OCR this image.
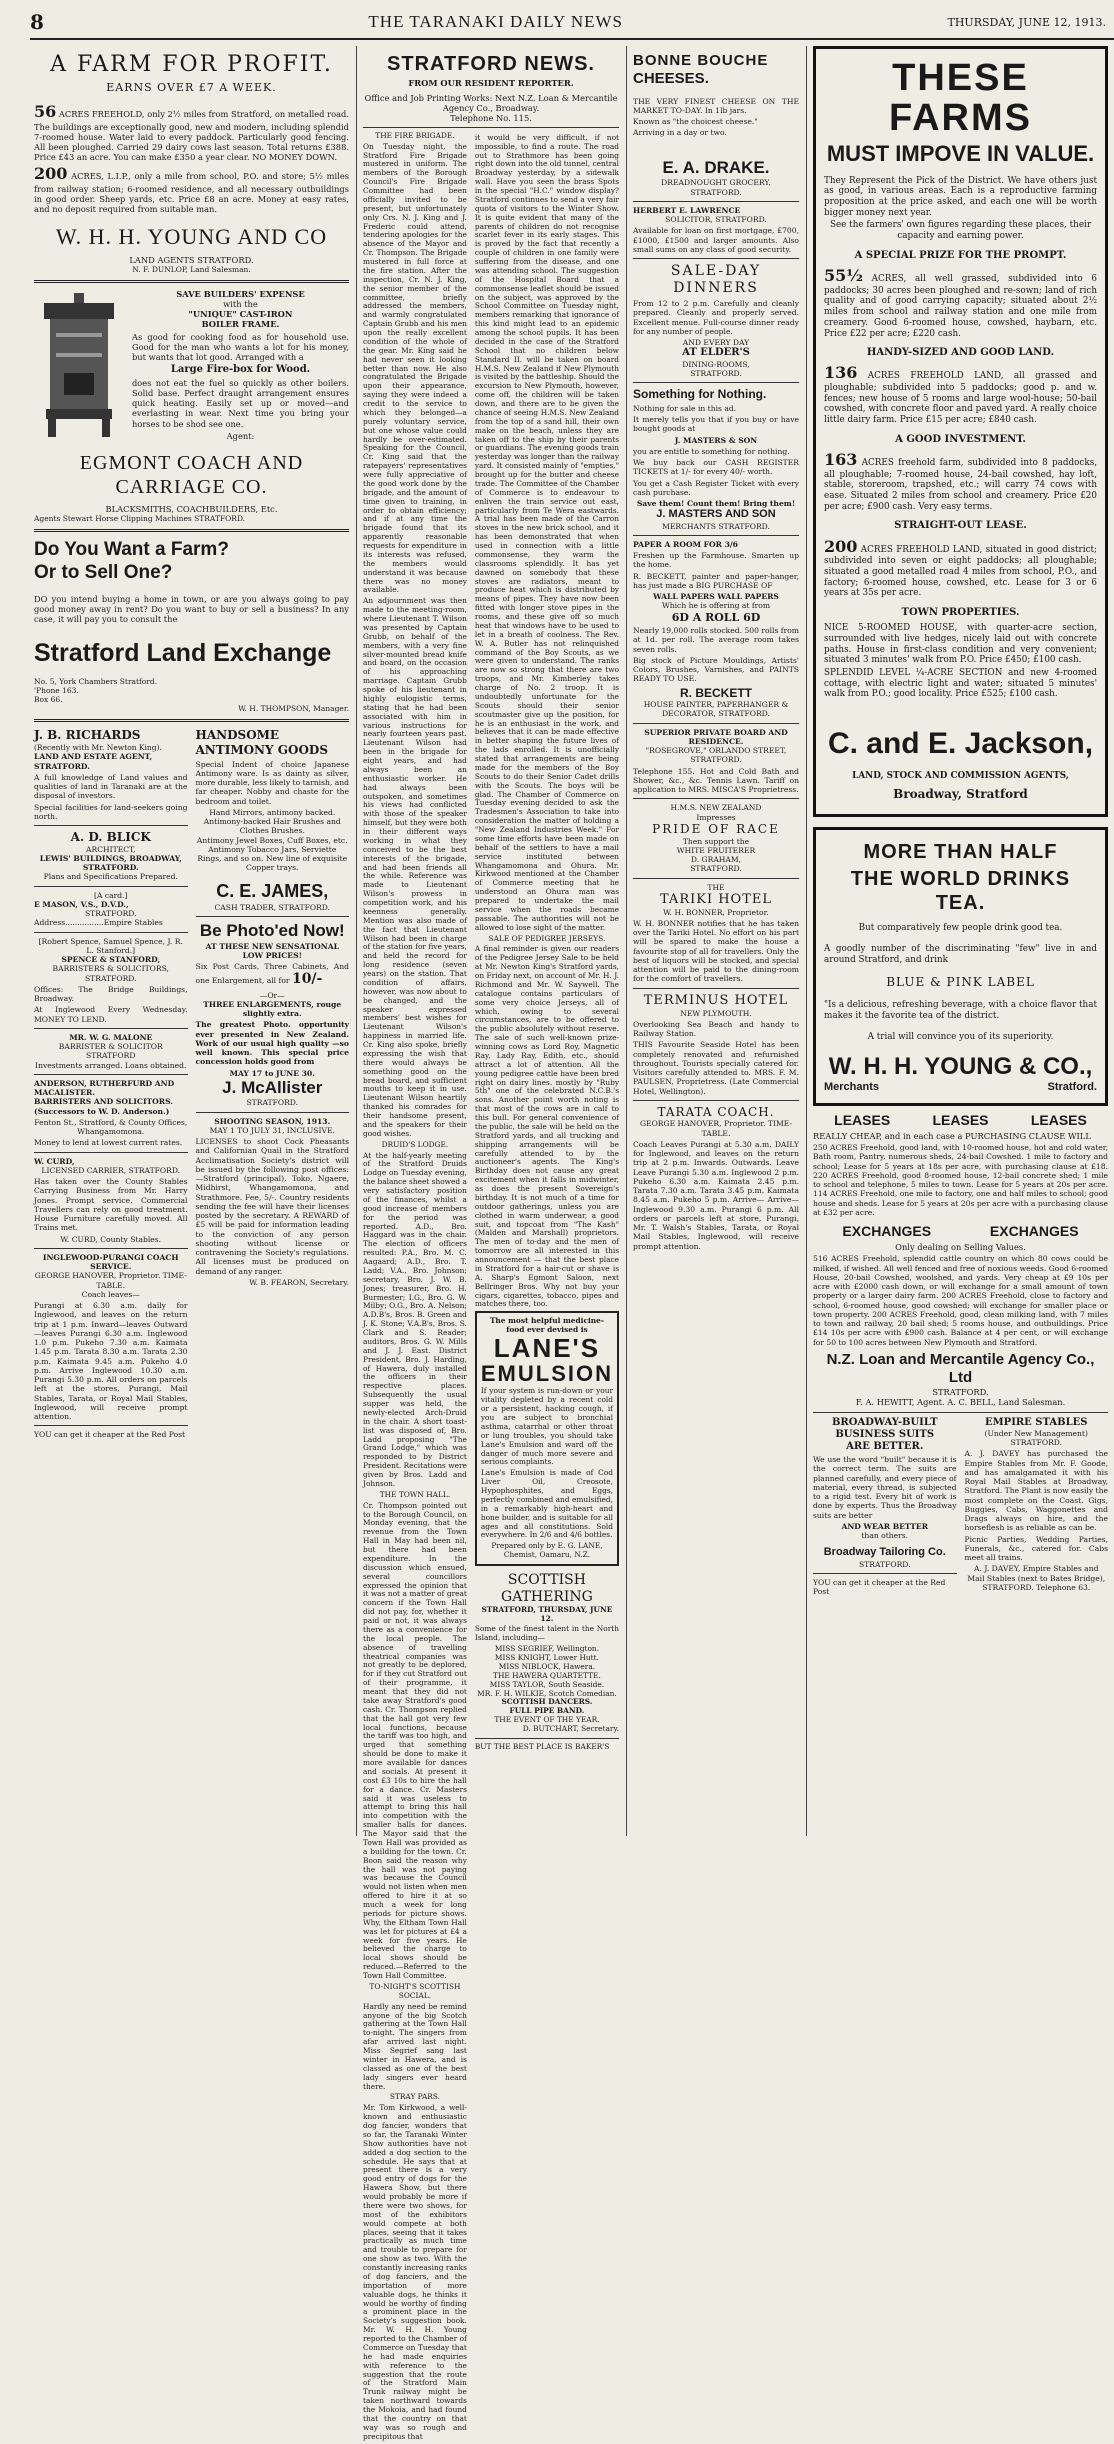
8	THE TARANAKI DAILY NEWS	THURSDAY, JUNE 12, 1913.
A FARM FOR PROFIT.
EARNS OVER £7 A WEEK.

56 ACRES FREEHOLD, only 2½ miles from Stratford, on metalled road. The buildings are exceptionally good, new and modern, including splendid 7-roomed house. Water laid to every paddock. Particularly good fencing. All been ploughed. Carried 29 dairy cows last season. Total returns £388. Price £43 an acre. You can make £350 a year clear. NO MONEY DOWN.

200 ACRES, L.I.P., only a mile from school, P.O. and store; 5½ miles from railway station; 6-roomed residence, and all necessary outbuildings in good order. Sheep yards, etc. Price £8 an acre. Money at easy rates, and no deposit required from suitable man.

W. H. H. YOUNG AND CO
LAND AGENTS STRATFORD.
N. F. DUNLOP, Land Salesman.
SAVE BUILDERS' EXPENSE
with the
"UNIQUE" CAST-IRON
BOILER FRAME.

As good for cooking food as for household use. Good for the man who wants a lot for his money, but wants that lot good. Arranged with a

Large Fire-box for Wood.

does not eat the fuel so quickly as other boilers. Solid base. Perfect draught arrangement ensures quick heating. Easily set up or moved—and everlasting in wear. Next time you bring your horses to be shod see one.

Agent:
EGMONT COACH AND CARRIAGE CO.
BLACKSMITHS, COACHBUILDERS, Etc.
Agents Stewart Horse Clipping Machines STRATFORD.
Do You Want a Farm?
Or to Sell One?

DO you intend buying a home in town, or are you always going to pay good money away in rent? Do you want to buy or sell a business? In any case, it will pay you to consult the

Stratford Land Exchange
No. 5, York Chambers Stratford.
'Phone 163.
Box 66.
W. H. THOMPSON, Manager.
J. B. RICHARDS
(Recently with Mr. Newton King).
LAND AND ESTATE AGENT, STRATFORD.

A full knowledge of Land values and qualities of land in Taranaki are at the disposal of investors.

Special facilities for land-seekers going north.

A. D. BLICK
ARCHITECT,
LEWIS' BUILDINGS, BROADWAY, STRATFORD.
Plans and Specifications Prepared.
[A card.]
E MASON, V.S., D.V.D.,
STRATFORD.
Address................Empire Stables
[Robert Spence, Samuel Spence, J. R. L. Stanford.]
SPENCE & STANFORD,
BARRISTERS & SOLICITORS, STRATFORD.

Offices: The Bridge Buildings, Broadway.

At Inglewood Every Wednesday. MONEY TO LEND.

MR. W. G. MALONE
BARRISTER & SOLICITOR STRATFORD
Investments arranged. Loans obtained.
ANDERSON, RUTHERFURD AND MACALISTER.
BARRISTERS AND SOLICITORS. (Successors to W. D. Anderson.)

Fenton St., Stratford, & County Offices, Whangamomona.

Money to lend at lowest current rates.

W. CURD,
LICENSED CARRIER, STRATFORD.

Has taken over the County Stables Carrying Business from Mr. Harry Jones. Prompt service. Commercial Travellers can rely on good treatment. House Furniture carefully moved. All Trains met.

W. CURD, County Stables.
INGLEWOOD-PURANGI COACH SERVICE.
GEORGE HANOVER, Proprietor. TIME-TABLE.
Coach leaves—

Purangi at 6.30 a.m. daily for Inglewood, and leaves on the return trip at 1 p.m. Inward—leaves Outward—leaves Purangi 6.30 a.m. Inglewood 1.0 p.m. Pukeho 7.30 a.m. Kaimata 1.45 p.m. Tarata 8.30 a.m. Tarata 2.30 p.m. Kaimata 9.45 a.m. Pukeho 4.0 p.m. Arrive Inglewood 10.30 a.m. Purangi 5.30 p.m. All orders on parcels left at the stores, Purangi, Mail Stables, Tarata, or Royal Mail Stables, Inglewood, will receive prompt attention.

YOU can get it cheaper at the Red Post
HANDSOME ANTIMONY GOODS

Special Indent of choice Japanese Antimony ware. Is as dainty as silver, more durable, less likely to tarnish, and far cheaper. Nobby and chaste for the bedroom and toilet.

Hand Mirrors, antimony backed.
Antimony-backed Hair Brushes and Clothes Brushes.
Antimony Jewel Boxes, Cuff Boxes, etc.
Antimony Tobacco Jars, Serviette Rings, and so on. New line of exquisite Copper trays.
C. E. JAMES,
CASH TRADER, STRATFORD.
Be Photo'ed Now!
AT THESE NEW SENSATIONAL LOW PRICES!

Six Post Cards, Three Cabinets, And one Enlargement, all for 10/-

—Or—
THREE ENLARGEMENTS, rouge slightly extra.

The greatest Photo. opportunity ever presented in New Zealand. Work of our usual high quality —so well known. This special price concession holds good from

MAY 17 to JUNE 30.
J. McAllister
STRATFORD.
SHOOTING SEASON, 1913.
MAY 1 TO JULY 31, INCLUSIVE.

LICENSES to shoot Cock Pheasants and Californian Quail in the Stratford Acclimatisation Society's district will be issued by the following post offices:—Stratford (principal), Toko, Ngaere, Midhirst, Whangamomona, and Strathmore. Fee, 5/-. Country residents sending the fee will have their licenses posted by the secretary. A REWARD of £5 will be paid for information leading to the conviction of any person shooting without license or contravening the Society's regulations. All licenses must be produced on demand of any ranger.

W. B. FEARON, Secretary.
STRATFORD NEWS.
FROM OUR RESIDENT REPORTER.
Office and Job Printing Works: Next N.Z. Loan & Mercantile Agency Co., Broadway.
Telephone No. 115.
THE FIRE BRIGADE.

On Tuesday night, the Stratford Fire Brigade mustered in uniform. The members of the Borough Council's Fire Brigade Committee had been officially invited to be present, but unfortunately only Crs. N. J. King and J. Frederic could attend, tendering apologies for the absence of the Mayor and Cr. Thompson. The Brigade mustered in full force at the fire station. After the inspection, Cr. N. J. King, the senior member of the committee, briefly addressed the members, and warmly congratulated Captain Grubb and his men upon the really excellent condition of the whole of the gear. Mr. King said he had never seen it looking better than now. He also congratulated the Brigade upon their appearance, saying they were indeed a credit to the service to which they belonged—a purely voluntary service, but one whose value could hardly be over-estimated. Speaking for the Council, Cr. King said that the ratepayers' representatives were fully appreciative of the good work done by the brigade, and the amount of time given to training, in order to obtain efficiency; and if at any time the brigade found that its apparently reasonable requests for expenditure in its interests was refused, the members would understand it was because there was no money available.

An adjournment was then made to the meeting-room, where Lieutenant T. Wilson was presented by Captain Grubb, on behalf of the members, with a very fine silver-mounted bread knife and board, on the occasion of his approaching marriage. Captain Grubb spoke of his lieutenant in highly eulogistic terms, stating that he had been associated with him in various instructions for nearly fourteen years past. Lieutenant Wilson had been in the brigade for eight years, and had always been an enthusiastic worker. He had always been outspoken, and sometimes his views had conflicted with those of the speaker himself, but they were both in their different ways working in what they conceived to be the best interests of the brigade, and had been friends all the while. Reference was made to Lieutenant Wilson's prowess in competition work, and his keenness generally. Mention was also made of the fact that Lieutenant Wilson had been in charge of the station for five years, and held the record for long residence (seven years) on the station. That condition of affairs, however, was now about to be changed, and the speaker expressed members' best wishes for Lieutenant Wilson's happiness in married life. Cr. King also spoke, briefly expressing the wish that there would always be something good on the bread board, and sufficient mouths to keep it in use. Lieutenant Wilson heartily thanked his comrades for their handsome present, and the speakers for their good wishes.

DRUID'S LODGE.

At the half-yearly meeting of the Stratford Druids Lodge on Tuesday evening, the balance sheet showed a very satisfactory position of the finances, whilst a good increase of members for the period was reported. A.D., Bro. Haggard was in the chair. The election of officers resulted: P.A., Bro. M. C. Aagaard; A.D., Bro. T. Ladd; V.A., Bro. Johnson; secretary, Bro. J. W. B. Jones; treasurer, Bro. H. Burmester; I.G., Bro. G. W. Milby; O.G., Bro. A. Nelson; A.D.B's, Bros. B. Green and J. K. Stone; V.A.B's, Bros. S. Clark and S. Reader; auditors, Bros. G. W. Mills and J. J. East. District President, Bro. J. Harding, of Hawera, duly installed the officers in their respective places. Subsequently the usual supper was held, the newly-elected Arch-Druid in the chair. A short toast-list was disposed of, Bro. Ladd proposing "The Grand Lodge," which was responded to by District President. Recitations were given by Bros. Ladd and Johnson.

THE TOWN HALL.

Cr. Thompson pointed out to the Borough Council, on Monday evening, that the revenue from the Town Hall in May had been nil, but there had been expenditure. In the discussion which ensued, several councillors expressed the opinion that it was not a matter of great concern if the Town Hall did not pay, for, whether it paid or not, it was always there as a convenience for the local people. The absence of travelling theatrical companies was not greatly to be deplored, for if they cut Stratford out of their programme, it meant that they did not take away Stratford's good cash. Cr. Thompson replied that the hall got very few local functions, because the tariff was too high, and urged that something should be done to make it more available for dances and socials. At present it cost £3 10s to hire the hall for a dance. Cr. Masters said it was useless to attempt to bring this hall into competition with the smaller halls for dances. The Mayor said that the Town Hall was provided as a building for the town. Cr. Boon said the reason why the hall was not paying was because the Council would not listen when men offered to hire it at so much a week for long periods for picture shows. Why, the Eltham Town Hall was let for pictures at £4 a week for five years. He believed the charge to local shows should be reduced.—Referred to the Town Hall Committee.

TO-NIGHT'S SCOTTISH SOCIAL.

Hardly any need be remind anyone of the big Scotch gathering at the Town Hall to-night. The singers from afar arrived last night. Miss Segrief sang last winter in Hawera, and is classed as one of the best lady singers ever heard there.

STRAY PARS.

Mr. Tom Kirkwood, a well-known and enthusiastic dog fancier, wonders that so far, the Taranaki Winter Show authorities have not added a dog section to the schedule. He says that at present there is a very good entry of dogs for the Hawera Show, but there would probably be more if there were two shows, for most of the exhibitors would compete at both places, seeing that it takes practically as much time and trouble to prepare for one show as two. With the constantly increasing ranks of dog fanciers, and the importation of more valuable dogs, he thinks it would be worthy of finding a prominent place in the Society's suggestion book. Mr. W. H. H. Young reported to the Chamber of Commerce on Tuesday that he had made enquiries with reference to the suggestion that the route of the Stratford Main Trunk railway might be taken northward towards the Mokoia, and had found that the country on that way was so rough and precipitous that

it would be very difficult, if not impossible, to find a route. The road out to Strathmore has been going right down into the old tunnel, central Broadway yesterday, by a sidewalk wall. Have you seen the brass Spots in the special "H.C." window display? Stratford continues to send a very fair quota of visitors to the Winter Show. It is quite evident that many of the parents of children do not recognise scarlet fever in its early stages. This is proved by the fact that recently a couple of children in one family were suffering from the disease, and one was attending school. The suggestion of the Hospital Board that a commonsense leaflet should be issued on the subject, was approved by the School Committee on Tuesday night, members remarking that ignorance of this kind might lead to an epidemic among the school pupils. It has been decided in the case of the Stratford School that no children below Standard II. will be taken on board H.M.S. New Zealand if New Plymouth is visited by the battleship. Should the excursion to New Plymouth, however, come off, the children will be taken down, and there are to be given the chance of seeing H.M.S. New Zealand from the top of a sand hill, their own make on the beach, unless they are taken off to the ship by their parents or guardians. The evening goods train yesterday was longer than the railway yard. It consisted mainly of "empties," brought up for the butter and cheese trade. The Committee of the Chamber of Commerce is to endeavour to enliven the train service out east, particularly from Te Wera eastwards. A trial has been made of the Carron stoves in the new brick school, and it has been demonstrated that when used in connection with a little commonsense, they warm the classrooms splendidly. It has yet dawned on somebody that these stoves are radiators, meant to produce heat which is distributed by means of pipes. They have now been fitted with longer stove pipes in the rooms, and these give off so much heat that windows have to be used to let in a breath of coolness. The Rev. W. A. Butler has not relinquished command of the Boy Scouts, as we were given to understand. The ranks are now so strong that there are two troops, and Mr. Kimberley takes charge of No. 2 troop. It is undoubtedly unfortunate for the Scouts should their senior scoutmaster give up the position, for he is an enthusiast in the work, and believes that it can be made effective in better shaping the future lives of the lads enrolled. It is unofficially stated that arrangements are being made for the members of the Boy Scouts to do their Senior Cadet drills with the Scouts. The boys will be glad. The Chamber of Commerce on Tuesday evening decided to ask the Tradesmen's Association to take into consideration the matter of holding a "New Zealand Industries Week." For some time efforts have been made on behalf of the settlers to have a mail service instituted between Whangamomona and Ohura. Mr. Kirkwood mentioned at the Chamber of Commerce meeting that he understood an Ohura man was prepared to undertake the mail service when the roads became passable. The authorities will not be allowed to lose sight of the matter.

SALE OF PEDIGREE JERSEYS.

A final reminder is given our readers of the Pedigree Jersey Sale to be held at Mr. Newton King's Stratford yards, on Friday next, on account of Mr. H. J. Richmond and Mr. W. Saywell. The catalogue contains particulars of some very choice Jerseys, all of which, owing to several circumstances, are to be offered to the public absolutely without reserve. The sale of such well-known prize-winning cows as Lord Roy, Magnetic Ray, Lady Ray, Edith, etc., should attract a lot of attention. All the young pedigree cattle have been bred right on dairy lines. mostly by "Ruby 5th" one of the celebrated N.C.B.'s sons. Another point worth noting is that most of the cows are in calf to this bull. For general convenience of the public, the sale will be held on the Stratford yards, and all trucking and shipping arrangements will be carefully attended to by the auctioneer's agents. The King's Birthday does not cause any great excitement when it falls in midwinter, as does the present Sovereign's birthday. It is not much of a time for outdoor gatherings, unless you are clothed in warm underwear, a good suit, and topcoat from "The Kash" (Malden and Marshall) proprietors. The men of to-day and the men of tomorrow are all interested in this announcement — that the best place in Stratford for a hair-cut or shave is A. Sharp's Egmont Saloon, next Bellringer Bros. Why not buy your cigars, cigarettes, tobacco, pipes and matches there, too.

The most helpful medicine-food ever devised is
LANE'S
EMULSION

If your system is run-down or your vitality depleted by a recent cold or a persistent, hacking cough, if you are subject to bronchial asthma, catarrhal or other throat or lung troubles, you should take Lane's Emulsion and ward off the danger of much more severe and serious complaints.

Lane's Emulsion is made of Cod Liver Oil, Creosote, Hypophosphites, and Eggs, perfectly combined and emulsified, in a remarkably high-heart and bone builder, and is suitable for all ages and all constitutions. Sold everywhere. In 2/6 and 4/6 bottles.

Prepared only by E. G. LANE, Chemist, Oamaru, N.Z.
SCOTTISH
GATHERING
STRATFORD, THURSDAY, JUNE 12.

Some of the finest talent in the North Island, including—

MISS SEGRIEF, Wellington.
MISS KNIGHT, Lower Hutt.
MISS NIBLOCK, Hawera.
THE HAWERA QUARTETTE.
MISS TAYLOR, South Seaside.
MR. F. H. WILKIE, Scotch Comedian.
SCOTTISH DANCERS.
FULL PIPE BAND.
THE EVENT OF THE YEAR.
D. BUTCHART, Secretary.
BUT THE BEST PLACE IS BAKER'S
BONNE BOUCHE
CHEESES.

THE VERY FINEST CHEESE ON THE MARKET TO-DAY. In 1lb jars.

Known as "the choicest cheese."

Arriving in a day or two.

E. A. DRAKE.
DREADNOUGHT GROCERY,
STRATFORD.
HERBERT E. LAWRENCE
SOLICITOR, STRATFORD.

Available for loan on first mortgage, £700, £1000, £1500 and larger amounts. Also small sums on any class of good security.

SALE-DAY
DINNERS

From 12 to 2 p.m. Carefully and cleanly prepared. Cleanly and properly served. Excellent menue. Full-course dinner ready for any number of people.

AND EVERY DAY
AT ELDER'S
DINING-ROOMS,
STRATFORD.
Something for Nothing.

Nothing for sale in this ad.

It merely tells you that if you buy or have bought goods at

J. MASTERS & SON

you are entitle to something for nothing.

We buy back our CASH REGISTER TICKETS at 1/- for every 40/- worth.

You get a Cash Register Ticket with every cash purchase.

Save them! Count them! Bring them!
J. MASTERS AND SON
MERCHANTS STRATFORD.
PAPER A ROOM FOR 3/6

Freshen up the Farmhouse. Smarten up the home.

R. BECKETT, painter and paper-hanger, has just made a BIG PURCHASE OF

WALL PAPERS WALL PAPERS
Which he is offering at from
6D A ROLL 6D

Nearly 19,000 rolls stocked. 500 rolls from at 1d. per roll. The average room takes seven rolls.

Big stock of Picture Mouldings, Artists' Colors, Brushes, Varnishes, and PAINTS READY TO USE.

R. BECKETT
HOUSE PAINTER, PAPERHANGER & DECORATOR, STRATFORD.
SUPERIOR PRIVATE BOARD AND RESIDENCE.
"ROSEGROVE," ORLANDO STREET, STRATFORD.

Telephone 155. Hot and Cold Bath and Shower, &c., &c. Tennis Lawn. Tariff on application to MRS. MISCA'S Proprietress.

H.M.S. NEW ZEALAND
Impresses
PRIDE OF RACE
Then support the
WHITE FRUITERER
D. GRAHAM,
STRATFORD.
THE
TARIKI HOTEL
W. H. BONNER, Proprietor.

W. H. BONNER notifies that he has taken over the Tariki Hotel. No effort on his part will be spared to make the house a favourite stop of all for travellers. Only the best of liquors will be stocked, and special attention will be paid to the dining-room for the comfort of travellers.

TERMINUS HOTEL
NEW PLYMOUTH.

Overlooking Sea Beach and handy to Railway Station.

THIS Favourite Seaside Hotel has been completely renovated and refurnished throughout. Tourists specially catered for. Visitors carefully attended to. MRS. F. M. PAULSEN, Proprietress. (Late Commercial Hotel, Wellington).

TARATA COACH.
GEORGE HANOVER, Proprietor. TIME-TABLE.

Coach Leaves Purangi at 5.30 a.m. DAILY for Inglewood, and leaves on the return trip at 2 p.m. Inwards. Outwards. Leave Leave Purangi 5.30 a.m. Inglewood 2 p.m. Pukeho 6.30 a.m. Kaimata 2.45 p.m. Tarata 7.30 a.m. Tarata 3.45 p.m. Kaimata 8.45 a.m. Pukeho 5 p.m. Arrive— Arrive— Inglewood 9.30 a.m. Purangi 6 p.m. All orders or parcels left at store, Purangi, Mr. T. Walsh's Stables, Tarata, or Royal Mail Stables, Inglewood, will receive prompt attention.

THESE FARMS
MUST IMPOVE IN VALUE.

They Represent the Pick of the District. We have others just as good, in various areas. Each is a reproductive farming proposition at the price asked, and each one will be worth bigger money next year.

See the farmers' own figures regarding these places, their capacity and earning power.

A SPECIAL PRIZE FOR THE PROMPT.

55½ ACRES, all well grassed, subdivided into 6 paddocks; 30 acres been ploughed and re-sown; land of rich quality and of good carrying capacity; situated about 2½ miles from school and railway station and one mile from creamery. Good 6-roomed house, cowshed, haybarn, etc. Price £22 per acre; £220 cash.

HANDY-SIZED AND GOOD LAND.

136 ACRES FREEHOLD LAND, all grassed and ploughable; subdivided into 5 paddocks; good p. and w. fences; new house of 5 rooms and large wool-house; 50-bail cowshed, with concrete floor and paved yard. A really choice little dairy farm. Price £15 per acre; £840 cash.

A GOOD INVESTMENT.

163 ACRES freehold farm, subdivided into 8 paddocks, all ploughable; 7-roomed house, 24-bail cowshed, hay loft, stable, storeroom, trapshed, etc.; will carry 74 cows with ease. Situated 2 miles from school and creamery. Price £20 per acre; £900 cash. Very easy terms.

STRAIGHT-OUT LEASE.

200 ACRES FREEHOLD LAND, situated in good district; subdivided into seven or eight paddocks; all ploughable; situated a good metalled road 4 miles from school, P.O., and factory; 6-roomed house, cowshed, etc. Lease for 3 or 6 years at 35s per acre.

TOWN PROPERTIES.

NICE 5-ROOMED HOUSE, with quarter-acre section, surrounded with live hedges, nicely laid out with concrete paths. House in first-class condition and very convenient; situated 3 minutes' walk from P.O. Price £450; £100 cash.

SPLENDID LEVEL ¼-ACRE SECTION and new 4-roomed cottage, with electric light and water; situated 5 minutes' walk from P.O.; good locality. Price £525; £100 cash.

C. and E. Jackson,
LAND, STOCK AND COMMISSION AGENTS,
Broadway, Stratford
MORE THAN HALF
THE WORLD DRINKS TEA.

But comparatively few people drink good tea.

A goodly number of the discriminating "few" live in and around Stratford, and drink

BLUE & PINK LABEL

"Is a delicious, refreshing beverage, with a choice flavor that makes it the favorite tea of the district.

A trial will convince you of its superiority.

W. H. H. YOUNG & CO.,
Merchants	Stratford.
LEASES	LEASES	LEASES
REALLY CHEAP, and in each case a PURCHASING CLAUSE WILL

250 ACRES Freehold, good land, with 10-roomed house, hot and cold water, Bath room, Pantry, numerous sheds, 24-bail Cowshed. 1 mile to factory and school; Lease for 5 years at 18s per acre, with purchasing clause at £18. 220 ACRES Freehold, good 8-roomed house, 12-bail concrete shed; 1 mile to school and telephone, 5 miles to town. Lease for 5 years at 20s per acre. 114 ACRES Freehold, one mile to factory, one and half miles to school; good house and sheds. Lease for 5 years at 20s per acre with a purchasing clause at £32 per acre.

EXCHANGES	EXCHANGES
Only dealing on Selling Values.

516 ACRES Freehold, splendid cattle country on which 80 cows could be milked, if wished. All well fenced and free of noxious weeds. Good 6-roomed House, 20-bail Cowshed, woolshed, and yards. Very cheap at £9 10s per acre with £2000 cash down, or will exchange for a small amount of town property or a larger dairy farm. 200 ACRES Freehold, close to factory and school, 6-roomed house, good cowshed; will exchange for smaller place or town property. 200 ACRES Freehold, good, clean milking land, with 7 miles to town and railway, 20 bail shed; 5 rooms house, and outbuildings. Price £14 10s per acre with £900 cash. Balance at 4 per cent, or will exchange for 50 to 100 acres between New Plymouth and Stratford.

N.Z. Loan and Mercantile Agency Co., Ltd
STRATFORD.
F. A. HEWITT, Agent. A. C. BELL, Land Salesman.
BROADWAY-BUILT
BUSINESS SUITS
ARE BETTER.

We use the word "built" because it is the correct term. The suits are planned carefully, and every piece of material, every thread, is subjected to a rigid test. Every bit of work is done by experts. Thus the Broadway suits are better

AND WEAR BETTER
than others.
Broadway Tailoring Co.
STRATFORD.
YOU can get it cheaper at the Red Post
EMPIRE STABLES
(Under New Management) STRATFORD.

A. J. DAVEY has purchased the Empire Stables from Mr. F. Goode, and has amalgamated it with his Royal Mail Stables at Broadway, Stratford. The Plant is now easily the most complete on the Coast. Gigs, Buggies, Cabs, Waggonettes and Drags always on hire, and the horseflesh is as reliable as can be.

Picnic Parties, Wedding Parties, Funerals, &c., catered for. Cabs meet all trains.

A. J. DAVEY, Empire Stables and Mail Stables (next to Bates Bridge), STRATFORD. Telephone 63.
